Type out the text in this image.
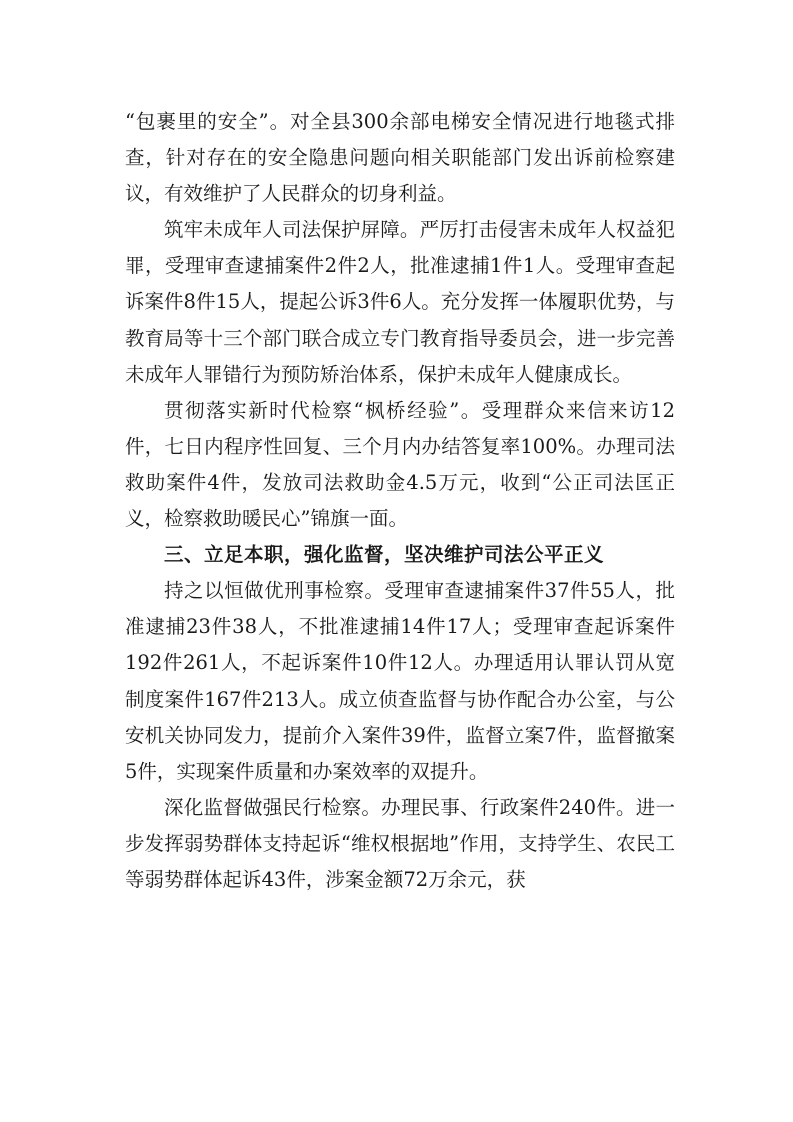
“包裹里的安全”。对全县300余部电梯安全情况进行地毯式排查，针对存在的安全隐患问题向相关职能部门发出诉前检察建议，有效维护了人民群众的切身利益。

筑牢未成年人司法保护屏障。严厉打击侵害未成年人权益犯罪，受理审查逮捕案件2件2人，批准逮捕1件1人。受理审查起诉案件8件15人，提起公诉3件6人。充分发挥一体履职优势，与教育局等十三个部门联合成立专门教育指导委员会，进一步完善未成年人罪错行为预防矫治体系，保护未成年人健康成长。

贯彻落实新时代检察“枫桥经验”。受理群众来信来访12件，七日内程序性回复、三个月内办结答复率100%。办理司法救助案件4件，发放司法救助金4.5万元，收到“公正司法匡正义，检察救助暖民心”锦旗一面。

三、立足本职，强化监督，坚决维护司法公平正义

持之以恒做优刑事检察。受理审查逮捕案件37件55人，批准逮捕23件38人，不批准逮捕14件17人；受理审查起诉案件192件261人，不起诉案件10件12人。办理适用认罪认罚从宽制度案件167件213人。成立侦查监督与协作配合办公室，与公安机关协同发力，提前介入案件39件，监督立案7件，监督撤案5件，实现案件质量和办案效率的双提升。

深化监督做强民行检察。办理民事、行政案件240件。进一步发挥弱势群体支持起诉“维权根据地”作用，支持学生、农民工等弱势群体起诉43件，涉案金额72万余元，获
